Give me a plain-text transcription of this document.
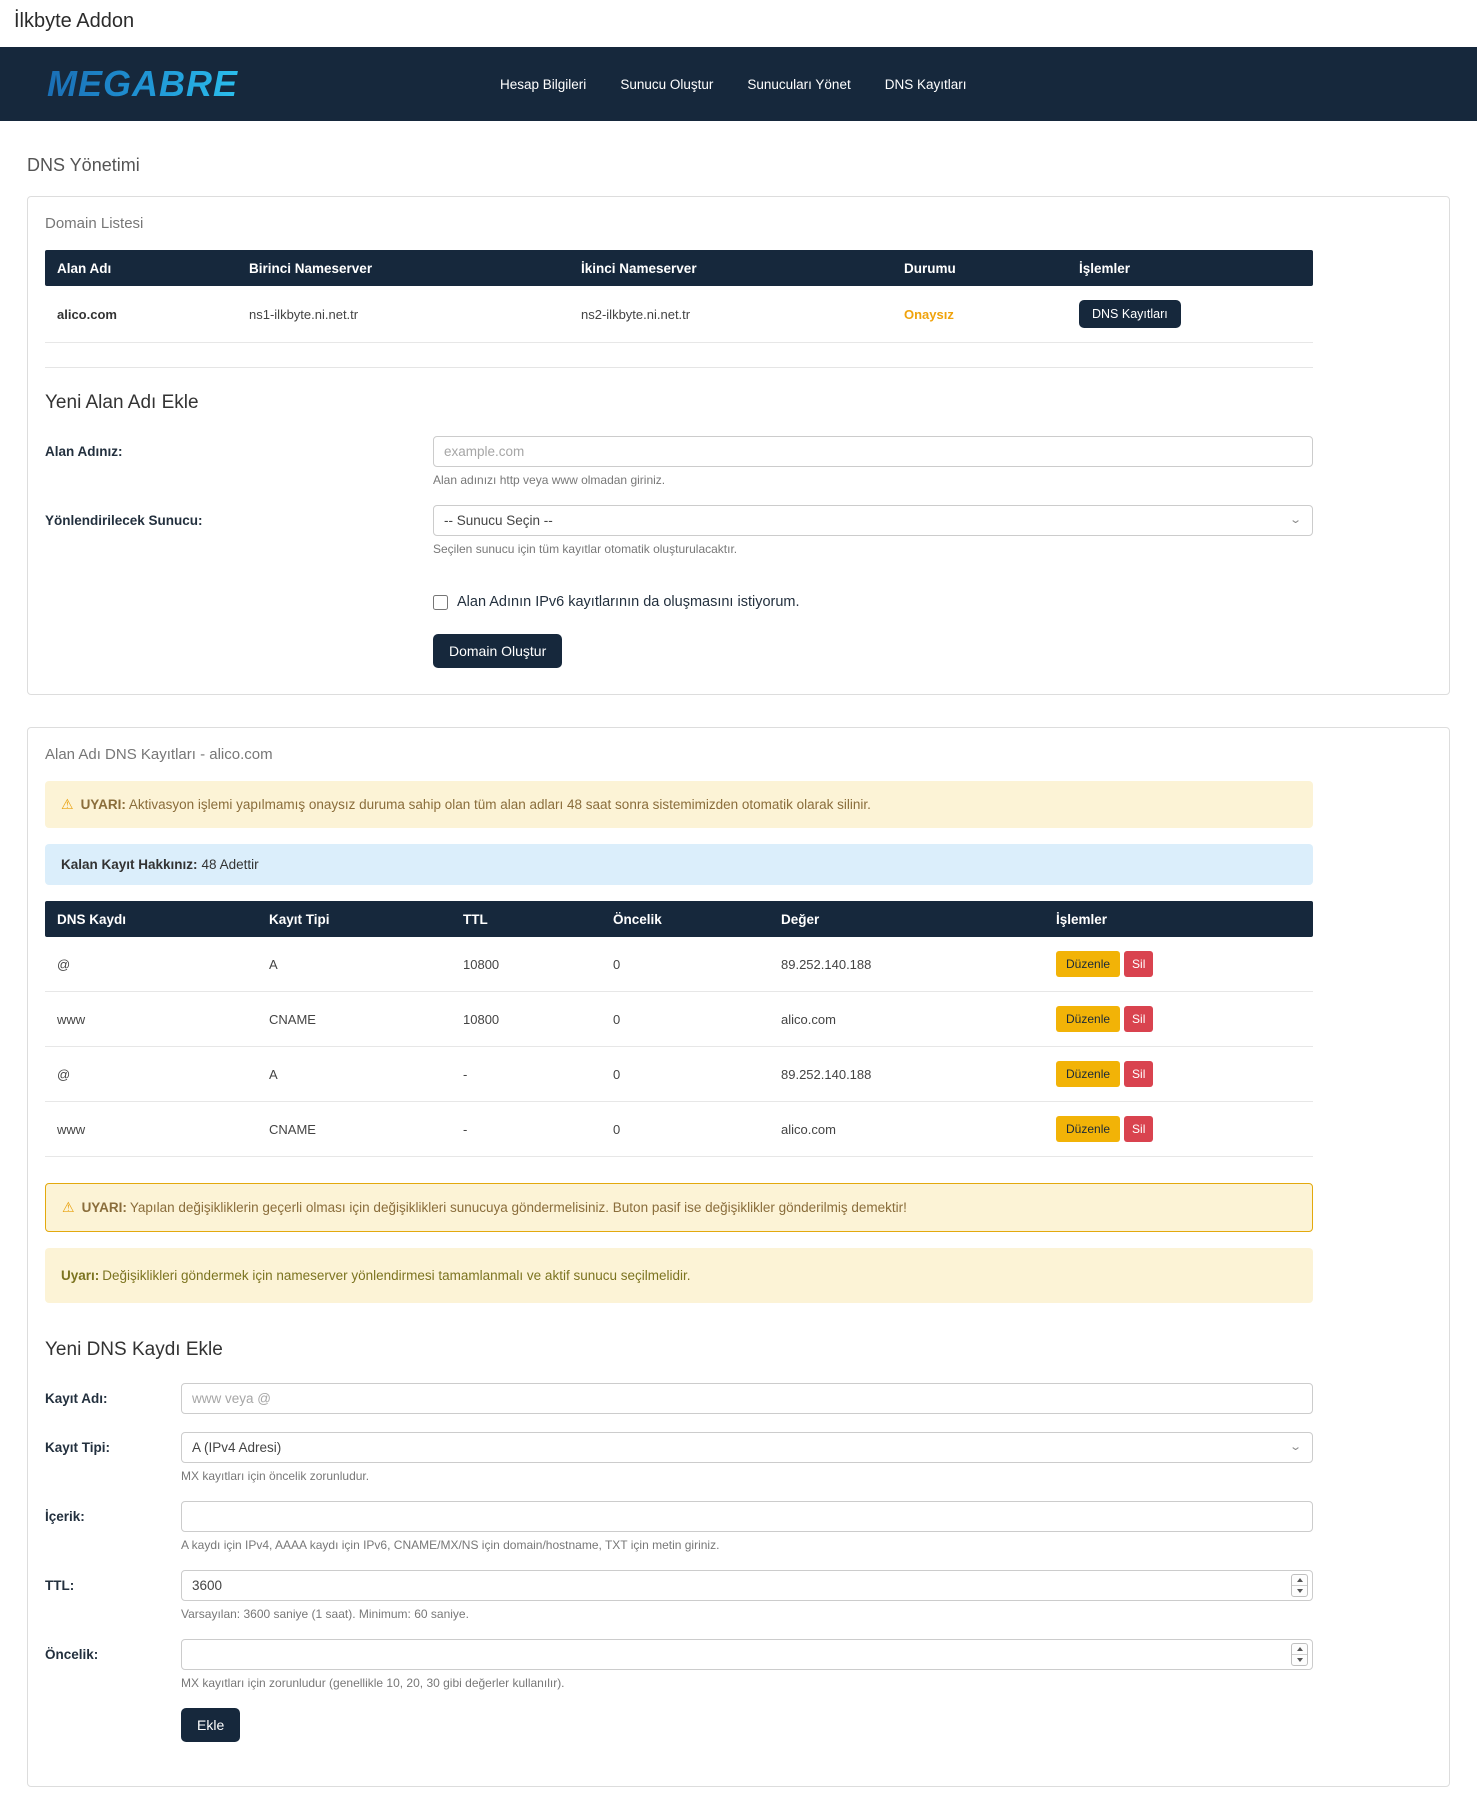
İlkbyte Addon
MEGABRE	Hesap Bilgileri	Sunucu Oluştur	Sunucuları Yönet	DNS Kayıtları
DNS Yönetimi
Domain Listesi
Alan Adı	Birinci Nameserver	İkinci Nameserver	Durumu	İşlemler
alico.com	ns1-ilkbyte.ni.net.tr	ns2-ilkbyte.ni.net.tr	Onaysız	DNS Kayıtları
Yeni Alan Adı Ekle
Alan Adınız:
example.com
Alan adınızı http veya www olmadan giriniz.
Yönlendirilecek Sunucu:	-- Sunucu Seçin --	⌄
Seçilen sunucu için tüm kayıtlar otomatik oluşturulacaktır.
Alan Adının IPv6 kayıtlarının da oluşmasını istiyorum.
Domain Oluştur
Alan Adı DNS Kayıtları - alico.com
⚠ UYARI: Aktivasyon işlemi yapılmamış onaysız duruma sahip olan tüm alan adları 48 saat sonra sistemimizden otomatik olarak silinir.
Kalan Kayıt Hakkınız: 48 Adettir
DNS Kaydı	Kayıt Tipi	TTL	Öncelik	Değer	İşlemler
@	A	10800	0	89.252.140.188	Düzenle Sil
www	CNAME	10800	0	alico.com	Düzenle Sil
@	A	-	0	89.252.140.188	Düzenle Sil
www	CNAME	-	0	alico.com	Düzenle Sil
⚠ UYARI: Yapılan değişikliklerin geçerli olması için değişiklikleri sunucuya göndermelisiniz. Buton pasif ise değişiklikler gönderilmiş demektir!
Uyarı: Değişiklikleri göndermek için nameserver yönlendirmesi tamamlanmalı ve aktif sunucu seçilmelidir.
Yeni DNS Kaydı Ekle
Kayıt Adı:
www veya @
Kayıt Tipi:	A (IPv4 Adresi)	⌄
MX kayıtları için öncelik zorunludur.
İçerik:
A kaydı için IPv4, AAAA kaydı için IPv6, CNAME/MX/NS için domain/hostname, TXT için metin giriniz.
TTL:
3600
Varsayılan: 3600 saniye (1 saat). Minimum: 60 saniye.
Öncelik:
MX kayıtları için zorunludur (genellikle 10, 20, 30 gibi değerler kullanılır).
Ekle
